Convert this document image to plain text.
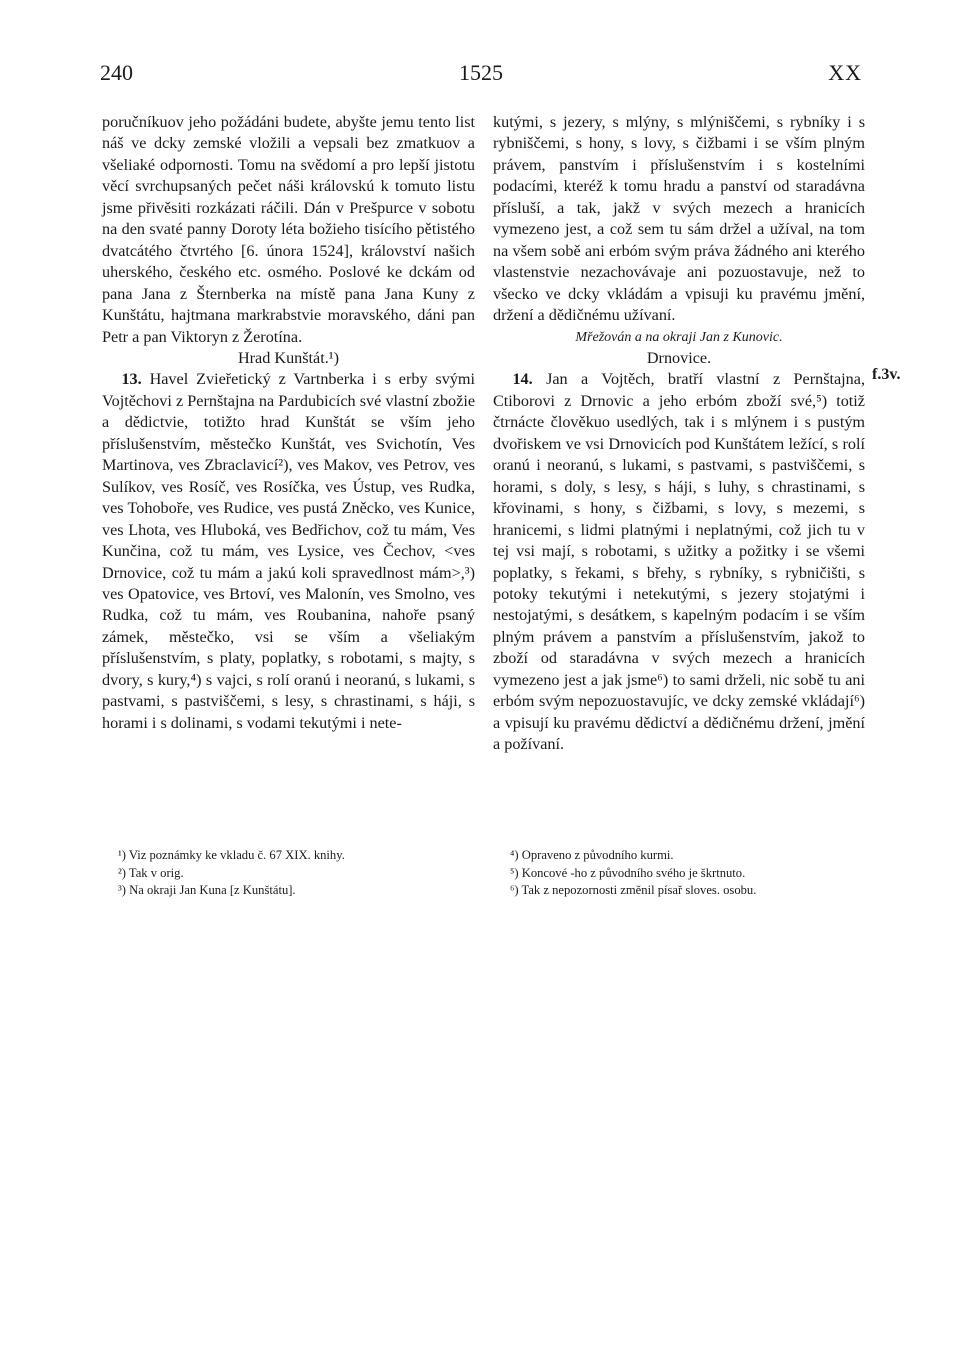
240	1525	XX

poručníkuov jeho požádáni budete, abyšte jemu tento list náš ve dcky zemské vložili a vepsali bez zmatkuov a všeliaké odpornosti. Tomu na svědomí a pro lepší jistotu věcí svrchupsaných pečet náši královskú k tomuto listu jsme přivěsiti rozkázati ráčili. Dán v Prešpurce v sobotu na den svaté panny Doroty léta božieho tisícího pětistého dvatcátého čtvrtého [6. února 1524], království našich uherského, českého etc. osmého. Poslové ke dckám od pana Jana z Šternberka na místě pana Jana Kuny z Kunštátu, hajtmana markrabstvie moravského, dáni pan Petr a pan Viktoryn z Žerotína.

Hrad Kunštát.¹)

13. Havel Zvieřetický z Vartnberka i s erby svými Vojtěchovi z Pernštajna na Pardubicích své vlastní zbožie a dědictvie, totižto hrad Kunštát se vším jeho příslušenstvím, městečko Kunštát, ves Svichotín, Ves Martinova, ves Zbraclavicí²), ves Makov, ves Petrov, ves Sulíkov, ves Rosíč, ves Rosíčka, ves Ústup, ves Rudka, ves Tohoboře, ves Rudice, ves pustá Zněcko, ves Kunice, ves Lhota, ves Hluboká, ves Bedřichov, což tu mám, Ves Kunčina, což tu mám, ves Lysice, ves Čechov, <ves Drnovice, což tu mám a jakú koli spravedlnost mám>,³) ves Opatovice, ves Brtoví, ves Malonín, ves Smolno, ves Rudka, což tu mám, ves Roubanina, nahoře psaný zámek, městečko, vsi se vším a všeliakým příslušenstvím, s platy, poplatky, s robotami, s majty, s dvory, s kury,⁴) s vajci, s rolí oranú i neoranú, s lukami, s pastvami, s pastviščemi, s lesy, s chrastinami, s háji, s horami i s dolinami, s vodami tekutými i nete-

kutými, s jezery, s mlýny, s mlýniščemi, s rybníky i s rybniščemi, s hony, s lovy, s čižbami i se vším plným právem, panstvím i příslušenstvím i s kostelními podacími, kteréž k tomu hradu a panství od staradávna přísluší, a tak, jakž v svých mezech a hranicích vymezeno jest, a což sem tu sám držel a užíval, na tom na všem sobě ani erbóm svým práva žádného ani kterého vlastenstvie nezachovávaje ani pozuostavuje, než to všecko ve dcky vkládám a vpisuji ku pravému jmění, držení a dědičnému užívaní.

Mřežován a na okraji Jan z Kunovic.

Drnovice.

14. Jan a Vojtěch, bratří vlastní z Pernštajna, Ctiborovi z Drnovic a jeho erbóm zboží své,⁵) totiž čtrnácte člověkuo usedlých, tak i s mlýnem i s pustým dvořiskem ve vsi Drnovicích pod Kunštátem ležící, s rolí oranú i neoranú, s lukami, s pastvami, s pastviščemi, s horami, s doly, s lesy, s háji, s luhy, s chrastinami, s křovinami, s hony, s čižbami, s lovy, s mezemi, s hranicemi, s lidmi platnými i neplatnými, což jich tu v tej vsi mají, s robotami, s užitky a požitky i se všemi poplatky, s řekami, s břehy, s rybníky, s rybničišti, s potoky tekutými i netekutými, s jezery stojatými i nestojatými, s desátkem, s kapelným podacím i se vším plným právem a panstvím a příslušenstvím, jakož to zboží od staradávna v svých mezech a hranicích vymezeno jest a jak jsme⁶) to sami drželi, nic sobě tu ani erbóm svým nepozuostavujíc, ve dcky zemské vkládají⁶) a vpisují ku pravému dědictví a dědičnému držení, jmění a požívaní.

f.3v.
¹) Viz poznámky ke vkladu č. 67 XIX. knihy.
²) Tak v orig.
³) Na okraji Jan Kuna [z Kunštátu].
⁴) Opraveno z původního kurmi.
⁵) Koncové -ho z původního svého je škrtnuto.
⁶) Tak z nepozornosti změnil písař sloves. osobu.
